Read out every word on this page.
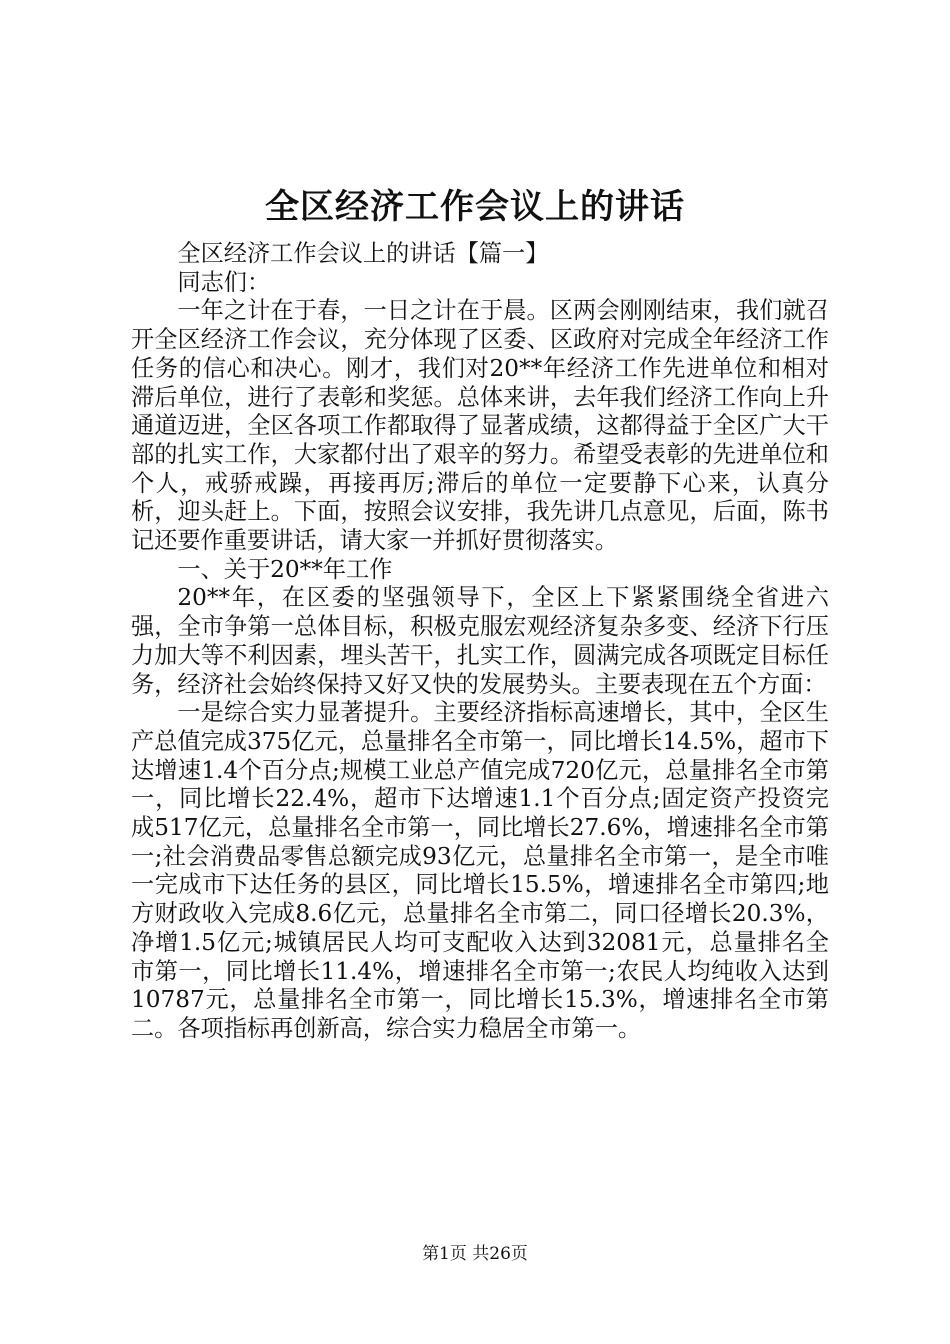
全区经济工作会议上的讲话

全区经济工作会议上的讲话【篇一】

同志们：

一年之计在于春，一日之计在于晨。区两会刚刚结束，我们就召开全区经济工作会议，充分体现了区委、区政府对完成全年经济工作任务的信心和决心。刚才，我们对20**年经济工作先进单位和相对滞后单位，进行了表彰和奖惩。总体来讲，去年我们经济工作向上升通道迈进，全区各项工作都取得了显著成绩，这都得益于全区广大干部的扎实工作，大家都付出了艰辛的努力。希望受表彰的先进单位和个人，戒骄戒躁，再接再厉;滞后的单位一定要静下心来，认真分析，迎头赶上。下面，按照会议安排，我先讲几点意见，后面，陈书记还要作重要讲话，请大家一并抓好贯彻落实。

一、关于20**年工作

20**年，在区委的坚强领导下，全区上下紧紧围绕全省进六强，全市争第一总体目标，积极克服宏观经济复杂多变、经济下行压力加大等不利因素，埋头苦干，扎实工作，圆满完成各项既定目标任务，经济社会始终保持又好又快的发展势头。主要表现在五个方面：

一是综合实力显著提升。主要经济指标高速增长，其中，全区生产总值完成375亿元，总量排名全市第一，同比增长14.5%，超市下达增速1.4个百分点;规模工业总产值完成720亿元，总量排名全市第一，同比增长22.4%，超市下达增速1.1个百分点;固定资产投资完成517亿元，总量排名全市第一，同比增长27.6%，增速排名全市第一;社会消费品零售总额完成93亿元，总量排名全市第一，是全市唯一完成市下达任务的县区，同比增长15.5%，增速排名全市第四;地方财政收入完成8.6亿元，总量排名全市第二，同口径增长20.3%，净增1.5亿元;城镇居民人均可支配收入达到32081元，总量排名全市第一，同比增长11.4%，增速排名全市第一;农民人均纯收入达到10787元，总量排名全市第一，同比增长15.3%，增速排名全市第二。各项指标再创新高，综合实力稳居全市第一。

第1页 共26页
